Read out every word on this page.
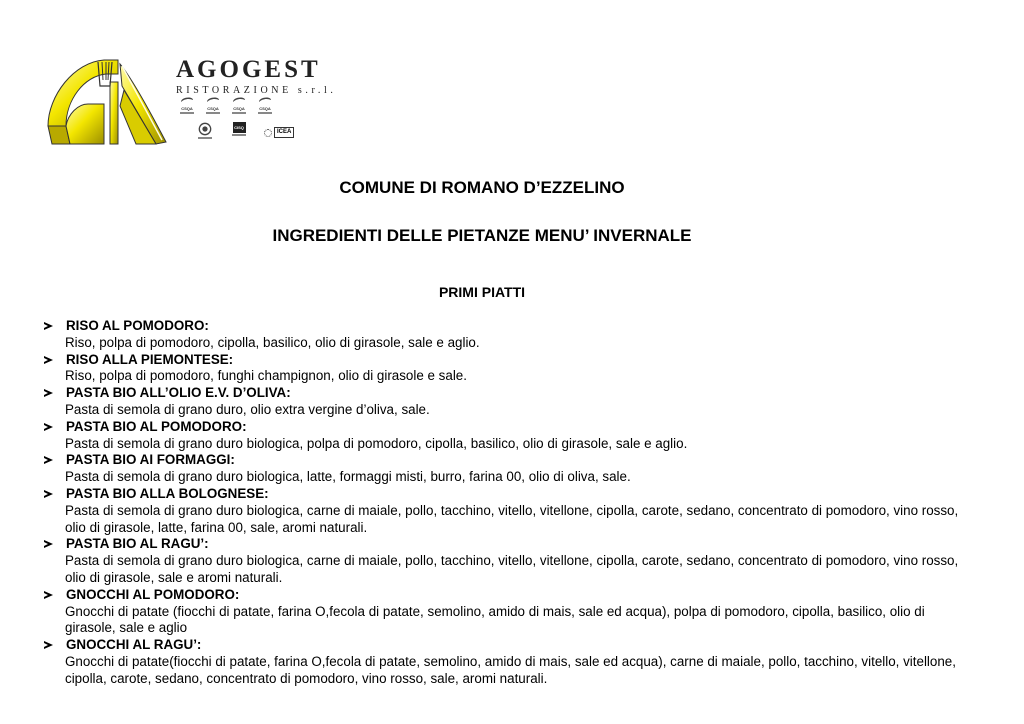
AGOGEST
RISTORAZIONE s.r.l.
CSQA	CSQA	CSQA	CSQA
CISQ
ICEA
COMUNE DI ROMANO D’EZZELINO
INGREDIENTI DELLE PIETANZE MENU’ INVERNALE
PRIMI PIATTI
RISO AL POMODORO:
Riso, polpa di pomodoro, cipolla, basilico, olio di girasole, sale e aglio.
RISO ALLA PIEMONTESE:
Riso, polpa di pomodoro, funghi champignon, olio di girasole e sale.
PASTA BIO ALL’OLIO E.V. D’OLIVA:
Pasta di semola di grano duro, olio extra vergine d’oliva, sale.
PASTA BIO AL POMODORO:
Pasta di semola di grano duro biologica, polpa di pomodoro, cipolla, basilico, olio di girasole, sale e aglio.
PASTA BIO AI FORMAGGI:
Pasta di semola di grano duro biologica, latte, formaggi misti, burro, farina 00, olio di oliva, sale.
PASTA BIO ALLA BOLOGNESE:
Pasta di semola di grano duro biologica, carne di maiale, pollo, tacchino, vitello, vitellone, cipolla, carote, sedano, concentrato di pomodoro, vino rosso, olio di girasole, latte, farina 00, sale, aromi naturali.
PASTA BIO AL RAGU’:
Pasta di semola di grano duro biologica, carne di maiale, pollo, tacchino, vitello, vitellone, cipolla, carote, sedano, concentrato di pomodoro, vino rosso, olio di girasole, sale e aromi naturali.
GNOCCHI AL POMODORO:
Gnocchi di patate (fiocchi di patate, farina O,fecola di patate, semolino, amido di mais, sale ed acqua), polpa di pomodoro, cipolla, basilico, olio di girasole, sale e aglio
GNOCCHI AL RAGU’:
Gnocchi di patate(fiocchi di patate, farina O,fecola di patate, semolino, amido di mais, sale ed acqua), carne di maiale, pollo, tacchino, vitello, vitellone, cipolla, carote, sedano, concentrato di pomodoro, vino rosso, sale, aromi naturali.
